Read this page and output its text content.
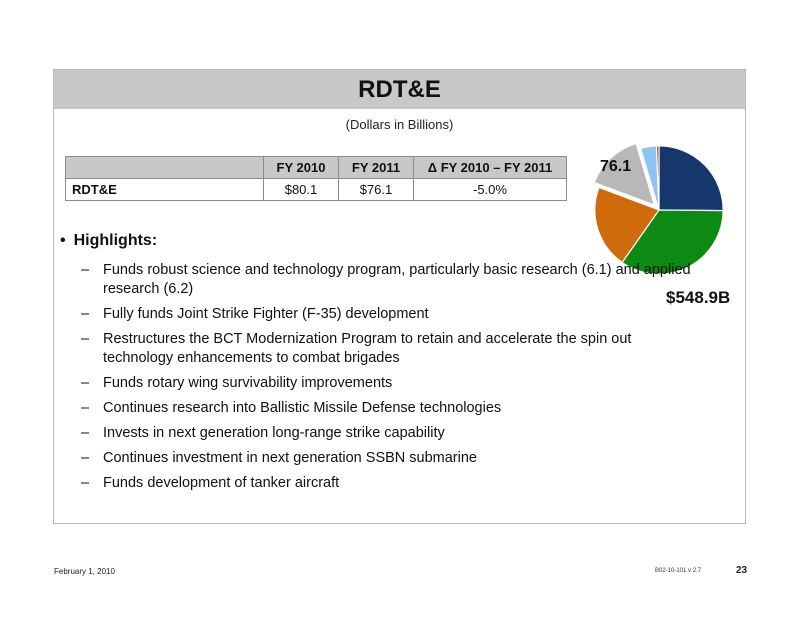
RDT&E
(Dollars in Billions)
	FY 2010	FY 2011	Δ FY 2010 – FY 2011
RDT&E	$80.1	$76.1	-5.0%
76.1
$548.9B
• Highlights:
– Funds robust science and technology program, particularly basic research (6.1) and applied research (6.2)
– Fully funds Joint Strike Fighter (F-35) development
– Restructures the BCT Modernization Program to retain and accelerate the spin out technology enhancements to combat brigades
– Funds rotary wing survivability improvements
– Continues research into Ballistic Missile Defense technologies
– Invests in next generation long-range strike capability
– Continues investment in next generation SSBN submarine
– Funds development of tanker aircraft
February 1, 2010	B02-10-101 v 2.7	23
